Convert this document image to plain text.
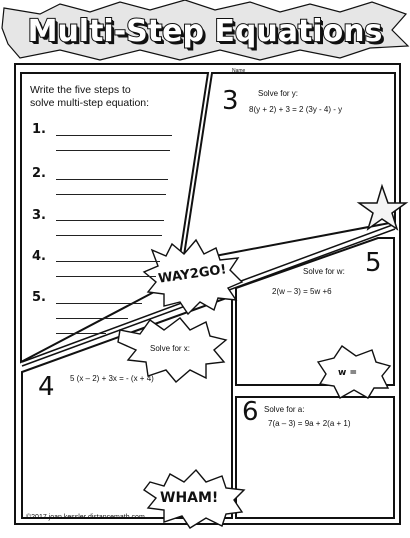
Multi-Step Equations
Name
Write the five steps to
solve multi-step equation:
1.
2.
3.
4.
5.
3 Solve for y:
8(y + 2) + 3 = 2 (3y - 4) - y
WAY2GO!	5
Solve for w:
2(w – 3) = 5w +6
w =
Solve for x:
4 5 (x – 2) + 3x = - (x + 4)
6 Solve for a:
7(a – 3) = 9a + 2(a + 1)
WHAM!
©2017 joan kessler distancemath.com
